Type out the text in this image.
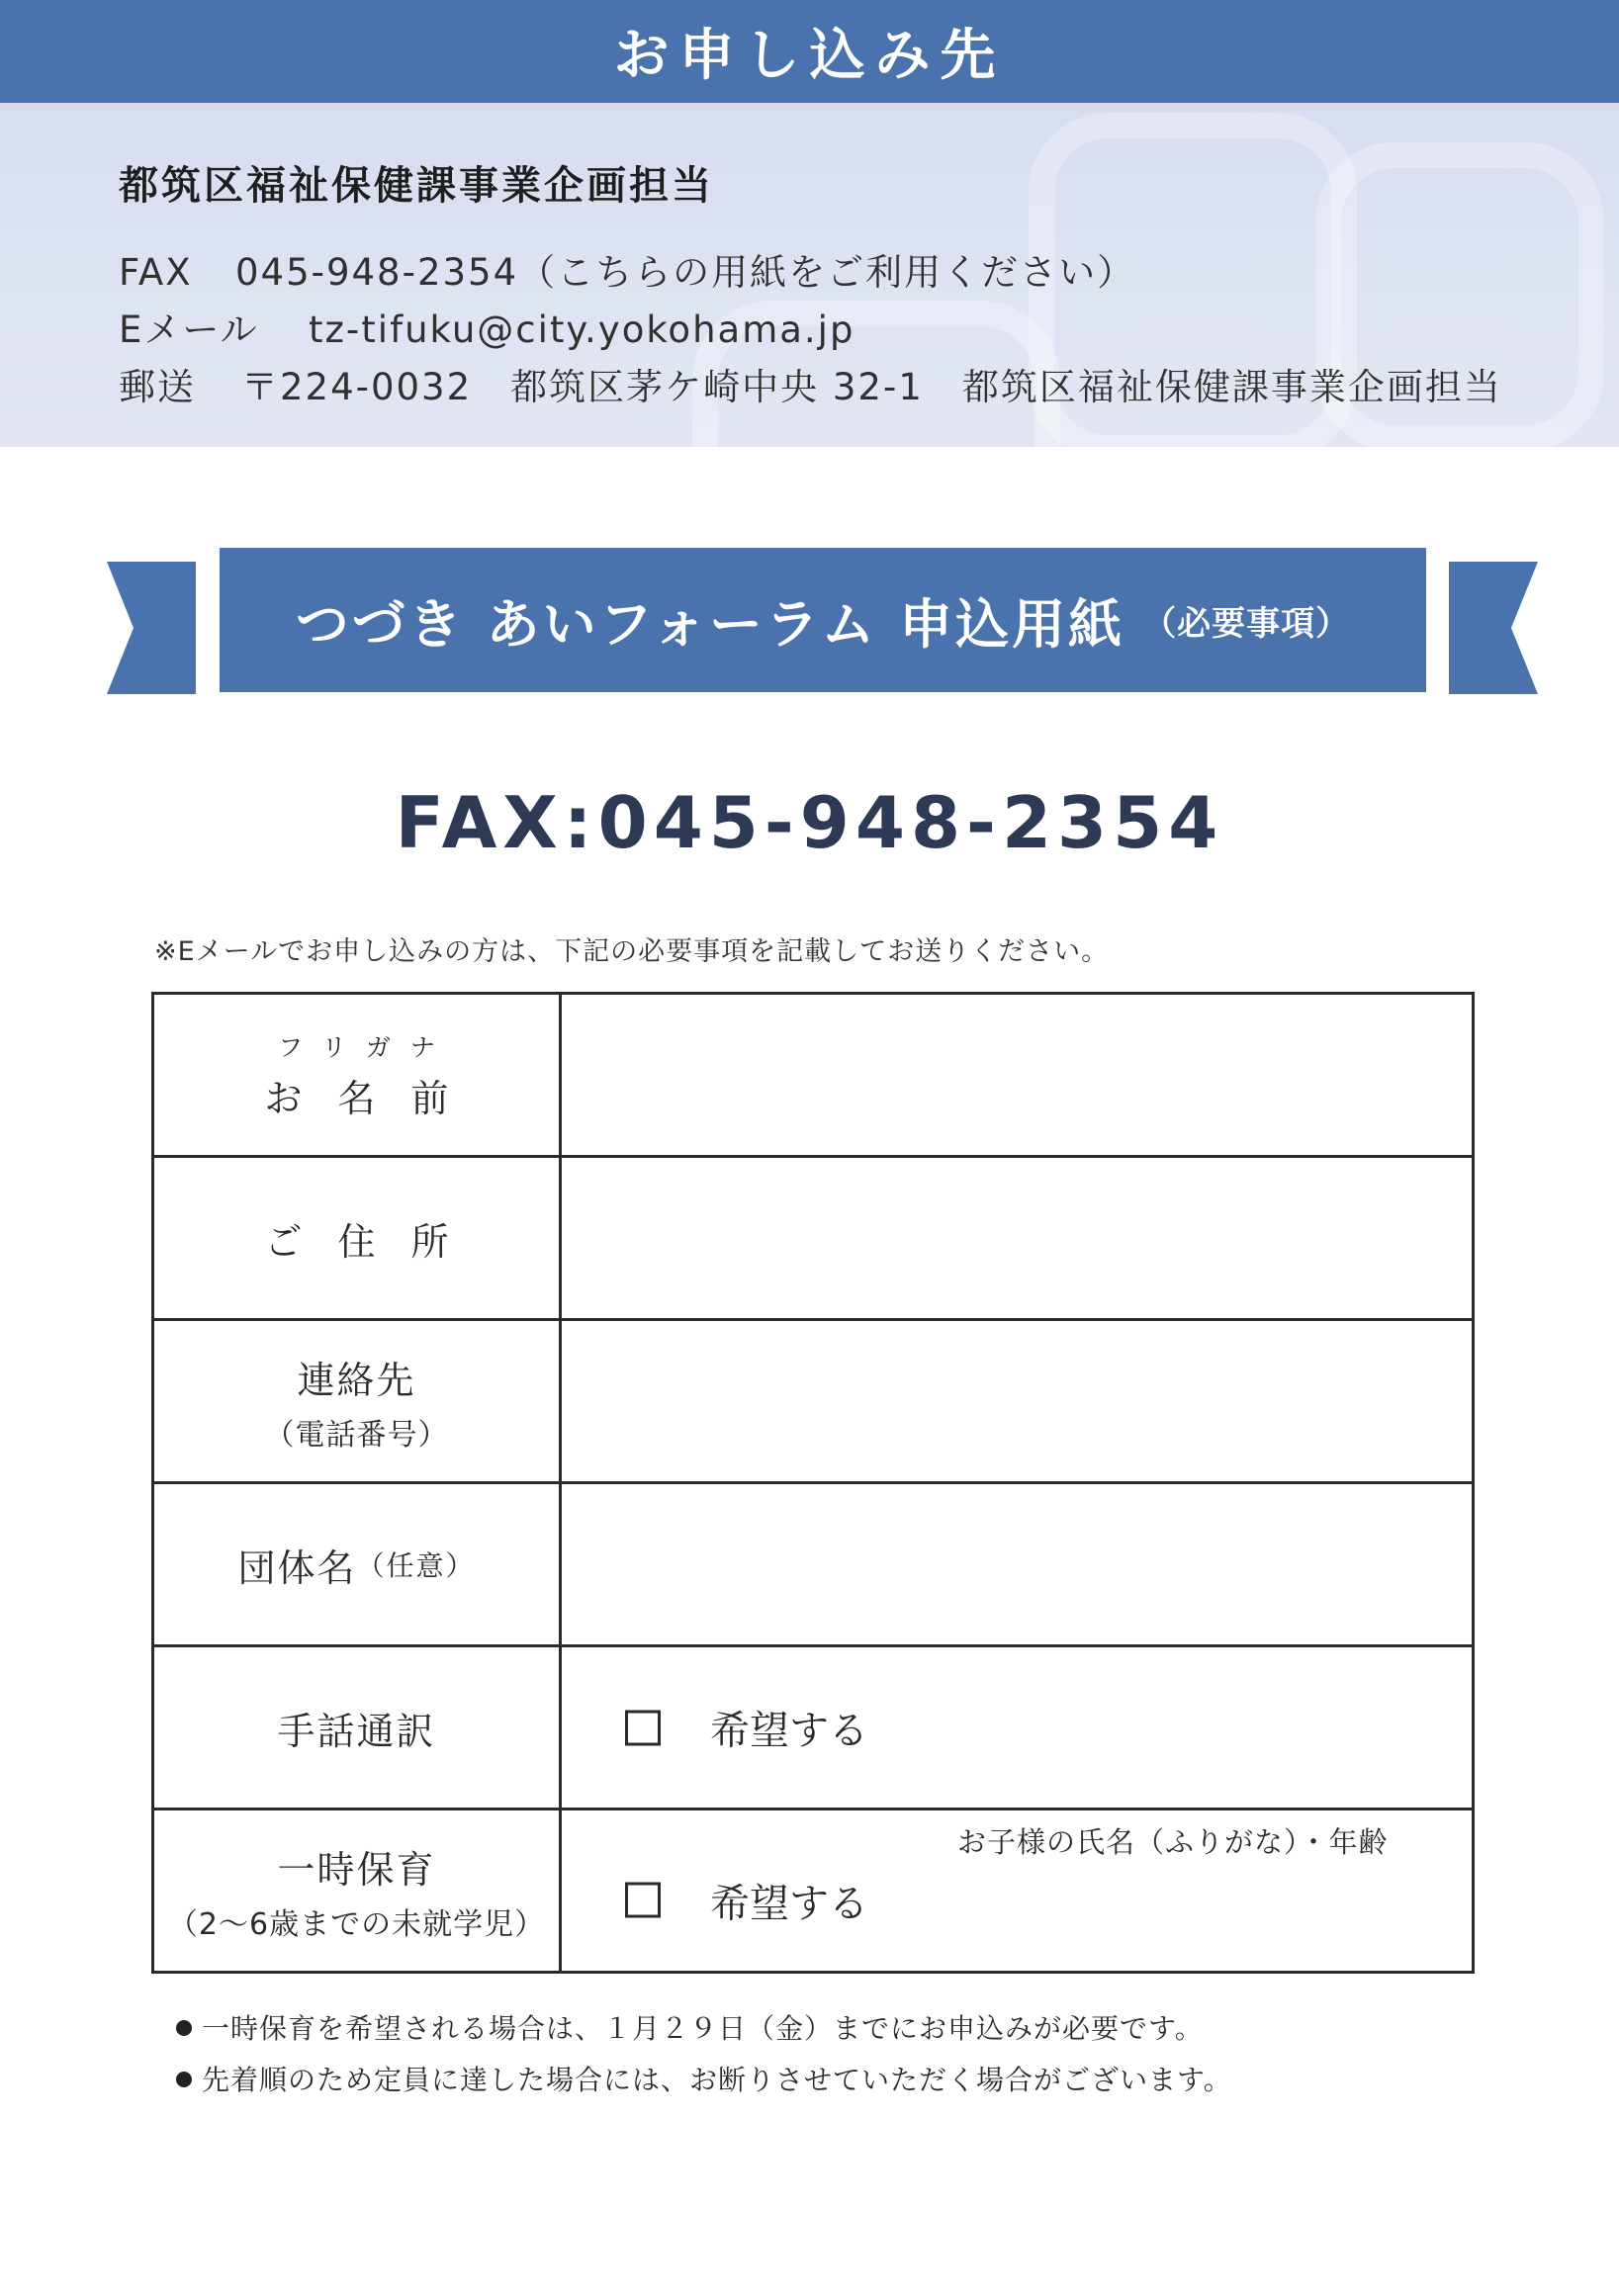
お申し込み先
都筑区福祉保健課事業企画担当
FAX 045-948-2354（こちらの用紙をご利用ください）
Eメール tz-tifuku@city.yokohama.jp
郵送 〒224-0032　都筑区茅ケ崎中央 32-1　都筑区福祉保健課事業企画担当
つづき あいフォーラム 申込用紙 （必要事項）
FAX:045-948-2354
※Eメールでお申し込みの方は、下記の必要事項を記載してお送りください。
フリガナ
お名前
ご住所
連絡先
（電話番号）
団体名 （任意）
手話通訳	希望する
一時保育
（2〜6歳までの未就学児）
お子様の氏名（ふりがな）・年齢
希望する
一時保育を希望される場合は、１月２９日（金）までにお申込みが必要です。
先着順のため定員に達した場合には、お断りさせていただく場合がございます。
